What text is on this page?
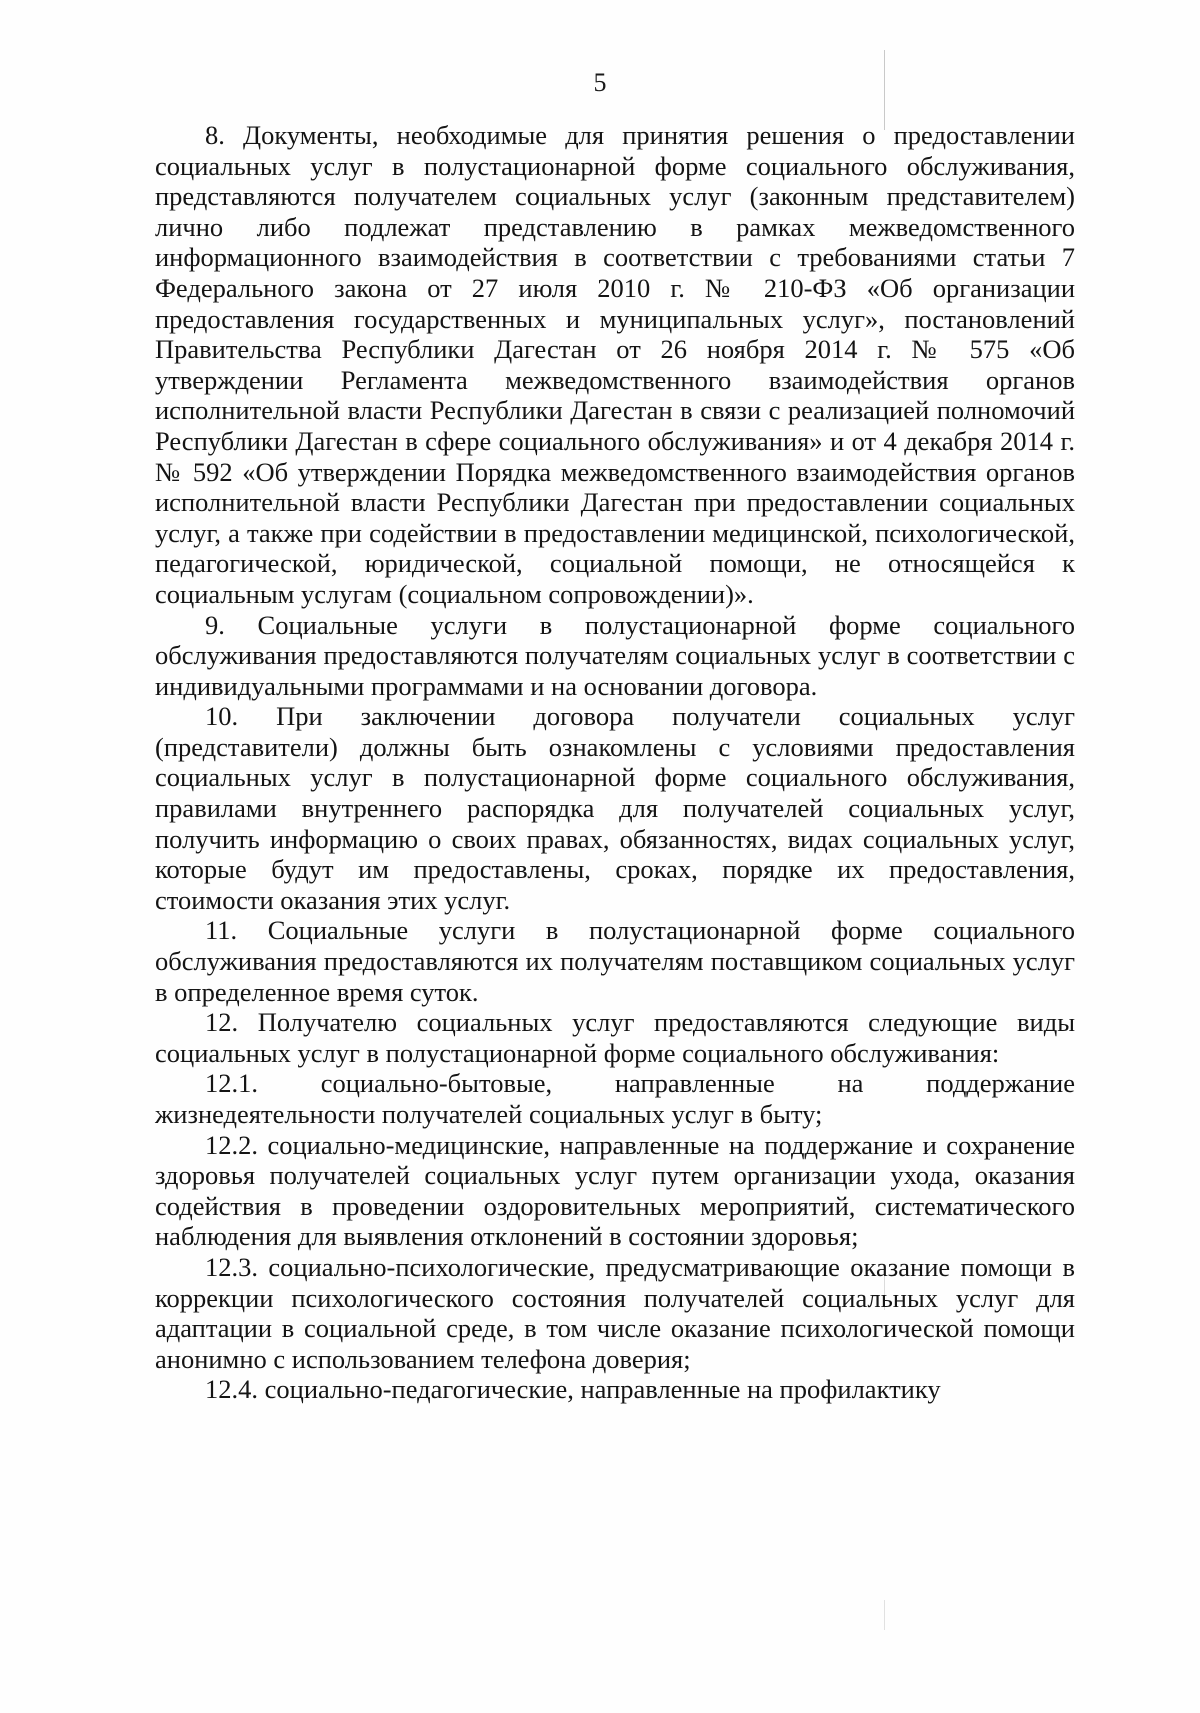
5

8. Документы, необходимые для принятия решения о предоставлении социальных услуг в полустационарной форме социального обслуживания, представляются получателем социальных услуг (законным представителем) лично либо подлежат представлению в рамках межведомственного информационного взаимодействия в соответствии с требованиями статьи 7 Федерального закона от 27 июля 2010 г. № 210-ФЗ «Об организации предоставления государственных и муниципальных услуг», постановлений Правительства Республики Дагестан от 26 ноября 2014 г. № 575 «Об утверждении Регламента межведомственного взаимодействия органов исполнительной власти Республики Дагестан в связи с реализацией полномочий Республики Дагестан в сфере социального обслуживания» и от 4 декабря 2014 г. № 592 «Об утверждении Порядка межведомственного взаимодействия органов исполнительной власти Республики Дагестан при предоставлении социальных услуг, а также при содействии в предоставлении медицинской, психологической, педагогической, юридической, социальной помощи, не относящейся к социальным услугам (социальном сопровождении)».

9. Социальные услуги в полустационарной форме социального обслуживания предоставляются получателям социальных услуг в соответствии с индивидуальными программами и на основании договора.

10. При заключении договора получатели социальных услуг (представители) должны быть ознакомлены с условиями предоставления социальных услуг в полустационарной форме социального обслуживания, правилами внутреннего распорядка для получателей социальных услуг, получить информацию о своих правах, обязанностях, видах социальных услуг, которые будут им предоставлены, сроках, порядке их предоставления, стоимости оказания этих услуг.

11. Социальные услуги в полустационарной форме социального обслуживания предоставляются их получателям поставщиком социальных услуг в определенное время суток.

12. Получателю социальных услуг предоставляются следующие виды социальных услуг в полустационарной форме социального обслуживания:

12.1. социально-бытовые, направленные на поддержание жизнедеятельности получателей социальных услуг в быту;

12.2. социально-медицинские, направленные на поддержание и сохранение здоровья получателей социальных услуг путем организации ухода, оказания содействия в проведении оздоровительных мероприятий, систематического наблюдения для выявления отклонений в состоянии здоровья;

12.3. социально-психологические, предусматривающие оказание помощи в коррекции психологического состояния получателей социальных услуг для адаптации в социальной среде, в том числе оказание психологической помощи анонимно с использованием телефона доверия;

12.4. социально-педагогические, направленные на профилактику
